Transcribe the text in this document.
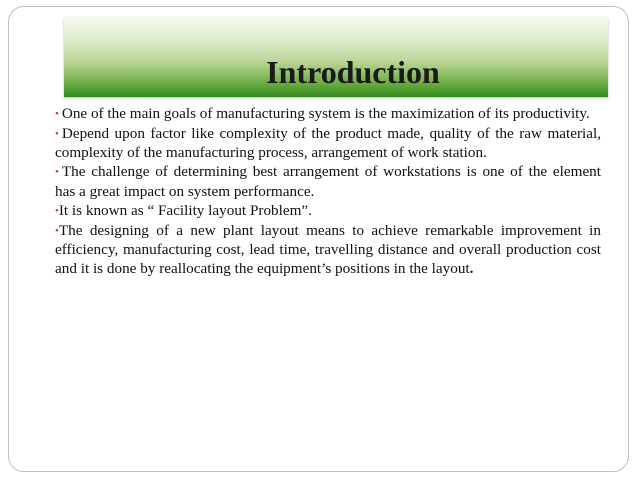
Introduction

• One of the main goals of manufacturing system is the maximization of its productivity.

• Depend upon factor like complexity of the product made, quality of the raw material, complexity of the manufacturing process, arrangement of work station.

• The challenge of determining best arrangement of workstations is one of the element has a great impact on system performance.

•It is known as “ Facility layout Problem”.

•The designing of a new plant layout means to achieve remarkable improvement in efficiency, manufacturing cost, lead time, travelling distance and overall production cost and it is done by reallocating the equipment’s positions in the layout.
